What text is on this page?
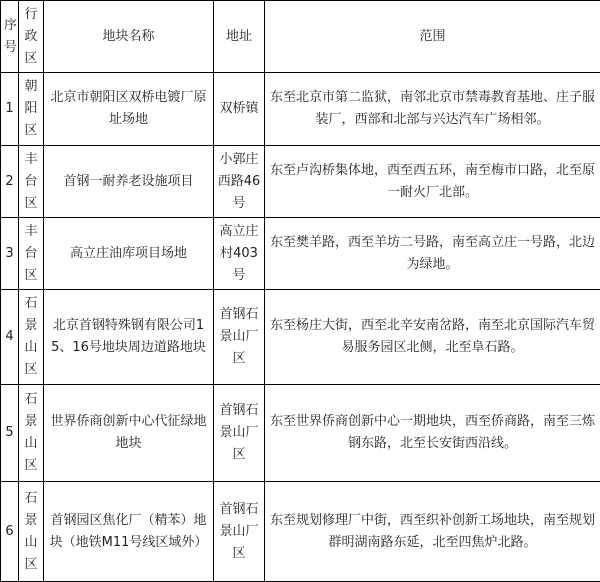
序号	行政区	地块名称	地址	范围
1	朝阳区	北京市朝阳区双桥电镀厂原址场地	双桥镇	东至北京市第二监狱，南邻北京市禁毒教育基地、庄子服装厂，西部和北部与兴达汽车广场相邻。
2	丰台区	首钢一耐养老设施项目	小郭庄西路46号	东至卢沟桥集体地，西至西五环，南至梅市口路，北至原一耐火厂北部。
3	丰台区	高立庄油库项目场地	高立庄村403号	东至樊羊路，西至羊坊二号路，南至高立庄一号路，北边为绿地。
4	石景山区	北京首钢特殊钢有限公司15、16号地块周边道路地块	首钢石景山厂区	东至杨庄大街，西至北辛安南岔路，南至北京国际汽车贸易服务园区北侧，北至阜石路。
5	石景山区	世界侨商创新中心代征绿地地块	首钢石景山厂区	东至世界侨商创新中心一期地块，西至侨商路，南至三炼钢东路，北至长安街西沿线。
6	石景山区	首钢园区焦化厂（精苯）地块（地铁M11号线区域外）	首钢石景山厂区	东至规划修理厂中街，西至织补创新工场地块，南至规划群明湖南路东延，北至四焦炉北路。
